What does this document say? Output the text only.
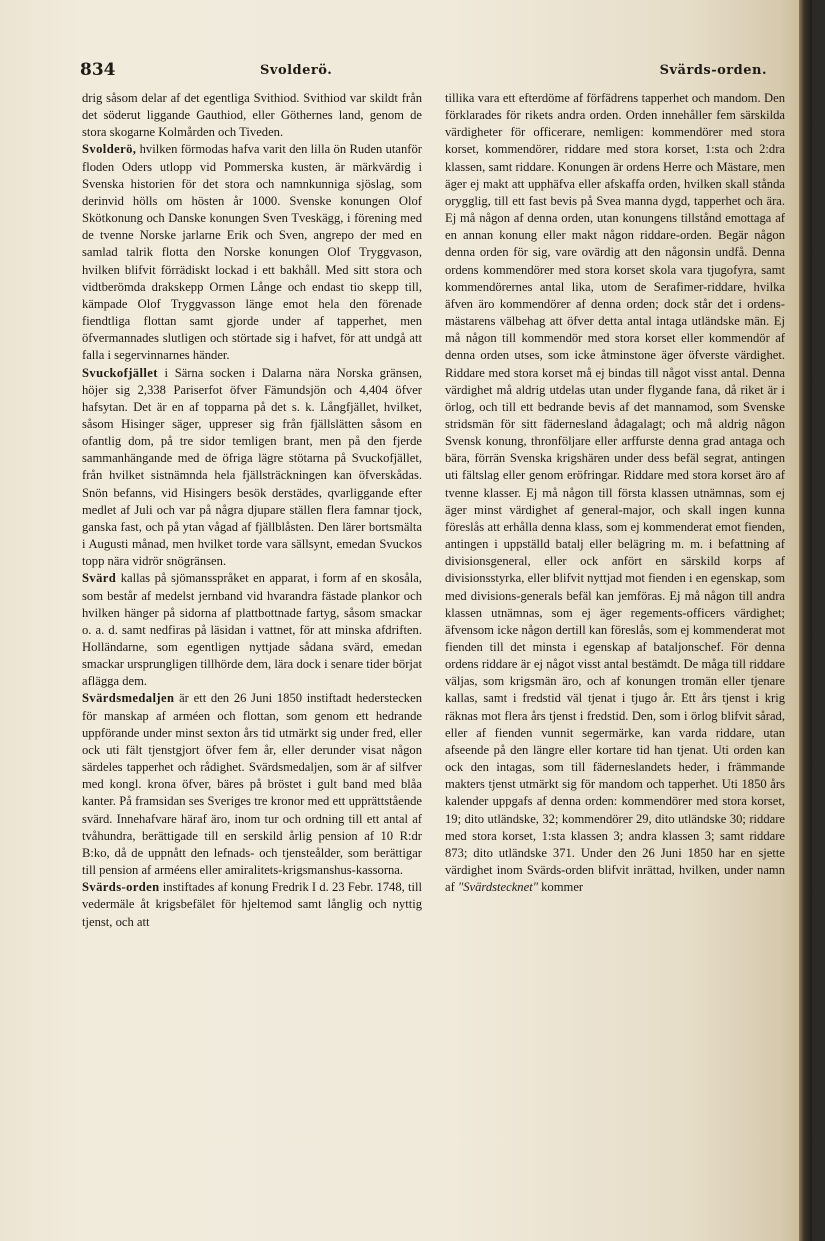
834	Svolderö.	Svärds-orden.

drig såsom delar af det egentliga Svithiod. Svithiod var skildt från det söderut liggande Gauthiod, eller Göthernes land, genom de stora skogarne Kolmården och Tiveden.

Svolderö, hvilken förmodas hafva varit den lilla ön Ruden utanför floden Oders utlopp vid Pommerska kusten, är märkvärdig i Svenska historien för det stora och namnkunniga sjöslag, som derinvid hölls om hösten år 1000. Svenske konungen Olof Skötkonung och Danske konungen Sven Tveskägg, i förening med de tvenne Norske jarlarne Erik och Sven, angrepo der med en samlad talrik flotta den Norske konungen Olof Tryggvason, hvilken blifvit förrädiskt lockad i ett bakhåll. Med sitt stora och vidtberömda drakskepp Ormen Långe och endast tio skepp till, kämpade Olof Tryggvasson länge emot hela den förenade fiendtliga flottan samt gjorde under af tapperhet, men öfvermannades slutligen och störtade sig i hafvet, för att undgå att falla i segervinnarnes händer.

Svuckofjället i Särna socken i Dalarna nära Norska gränsen, höjer sig 2,338 Pariserfot öfver Fämundsjön och 4,404 öfver hafsytan. Det är en af topparna på det s. k. Långfjället, hvilket, såsom Hisinger säger, uppreser sig från fjällslätten såsom en ofantlig dom, på tre sidor temligen brant, men på den fjerde sammanhängande med de öfriga lägre stötarna på Svuckofjället, från hvilket sistnämnda hela fjällsträckningen kan öfverskådas. Snön befanns, vid Hisingers besök derstädes, qvarliggande efter medlet af Juli och var på några djupare ställen flera famnar tjock, ganska fast, och på ytan vågad af fjällblåsten. Den lärer bortsmälta i Augusti månad, men hvilket torde vara sällsynt, emedan Svuckos topp nära vidrör snögränsen.

Svärd kallas på sjömansspråket en apparat, i form af en skosåla, som består af medelst jernband vid hvarandra fästade plankor och hvilken hänger på sidorna af plattbottnade fartyg, såsom smackar o. a. d. samt nedfiras på läsidan i vattnet, för att minska afdriften. Holländarne, som egentligen nyttjade sådana svärd, emedan smackar ursprungligen tillhörde dem, lära dock i senare tider börjat aflägga dem.

Svärdsmedaljen är ett den 26 Juni 1850 instiftadt hederstecken för manskap af arméen och flottan, som genom ett hedrande uppförande under minst sexton års tid utmärkt sig under fred, eller ock uti fält tjenstgjort öfver fem år, eller derunder visat någon särdeles tapperhet och rådighet. Svärdsmedaljen, som är af silfver med kongl. krona öfver, bäres på bröstet i gult band med blåa kanter. På framsidan ses Sveriges tre kronor med ett upprättstående svärd. Innehafvare häraf äro, inom tur och ordning till ett antal af tvåhundra, berättigade till en serskild årlig pension af 10 R:dr B:ko, då de uppnått den lefnads- och tjensteålder, som berättigar till pension af arméens eller amiralitets-krigsmanshus-kassorna.

Svärds-orden instiftades af konung Fredrik I d. 23 Febr. 1748, till vedermäle åt krigsbefälet för hjeltemod samt långlig och nyttig tjenst, och att

tillika vara ett efterdöme af förfädrens tapperhet och mandom. Den förklarades för rikets andra orden. Orden innehåller fem särskilda värdigheter för officerare, nemligen: kommendörer med stora korset, kommendörer, riddare med stora korset, 1:sta och 2:dra klassen, samt riddare. Konungen är ordens Herre och Mästare, men äger ej makt att upphäfva eller afskaffa orden, hvilken skall stånda orygglig, till ett fast bevis på Svea manna dygd, tapperhet och ära. Ej må någon af denna orden, utan konungens tillstånd emottaga af en annan konung eller makt någon riddare-orden. Begär någon denna orden för sig, vare ovärdig att den någonsin undfå. Denna ordens kommendörer med stora korset skola vara tjugofyra, samt kommendörernes antal lika, utom de Serafimer-riddare, hvilka äfven äro kommendörer af denna orden; dock står det i ordens-mästarens välbehag att öfver detta antal intaga utländske män. Ej må någon till kommendör med stora korset eller kommendör af denna orden utses, som icke åtminstone äger öfverste värdighet. Riddare med stora korset må ej bindas till något visst antal. Denna värdighet må aldrig utdelas utan under flygande fana, då riket är i örlog, och till ett bedrande bevis af det mannamod, som Svenske stridsmän för sitt fädernesland ådagalagt; och må aldrig någon Svensk konung, thronföljare eller arffurste denna grad antaga och bära, förrän Svenska krigshären under dess befäl segrat, antingen uti fältslag eller genom eröfringar. Riddare med stora korset äro af tvenne klasser. Ej må någon till första klassen utnämnas, som ej äger minst värdighet af general-major, och skall ingen kunna föreslås att erhålla denna klass, som ej kommenderat emot fienden, antingen i uppställd batalj eller belägring m. m. i befattning af divisionsgeneral, eller ock anfört en särskild korps af divisionsstyrka, eller blifvit nyttjad mot fienden i en egenskap, som med divisions-generals befäl kan jemföras. Ej må någon till andra klassen utnämnas, som ej äger regements-officers värdighet; äfvensom icke någon dertill kan föreslås, som ej kommenderat mot fienden till det minsta i egenskap af bataljonschef. För denna ordens riddare är ej något visst antal bestämdt. De måga till riddare väljas, som krigsmän äro, och af konungen tromän eller tjenare kallas, samt i fredstid väl tjenat i tjugo år. Ett års tjenst i krig räknas mot flera års tjenst i fredstid. Den, som i örlog blifvit sårad, eller af fienden vunnit segermärke, kan varda riddare, utan afseende på den längre eller kortare tid han tjenat. Uti orden kan ock den intagas, som till fäderneslandets heder, i främmande makters tjenst utmärkt sig för mandom och tapperhet. Uti 1850 års kalender uppgafs af denna orden: kommendörer med stora korset, 19; dito utländske, 32; kommendörer 29, dito utländske 30; riddare med stora korset, 1:sta klassen 3; andra klassen 3; samt riddare 873; dito utländske 371. Under den 26 Juni 1850 har en sjette värdighet inom Svärds-orden blifvit inrättad, hvilken, under namn af "Svärdstecknet" kommer
